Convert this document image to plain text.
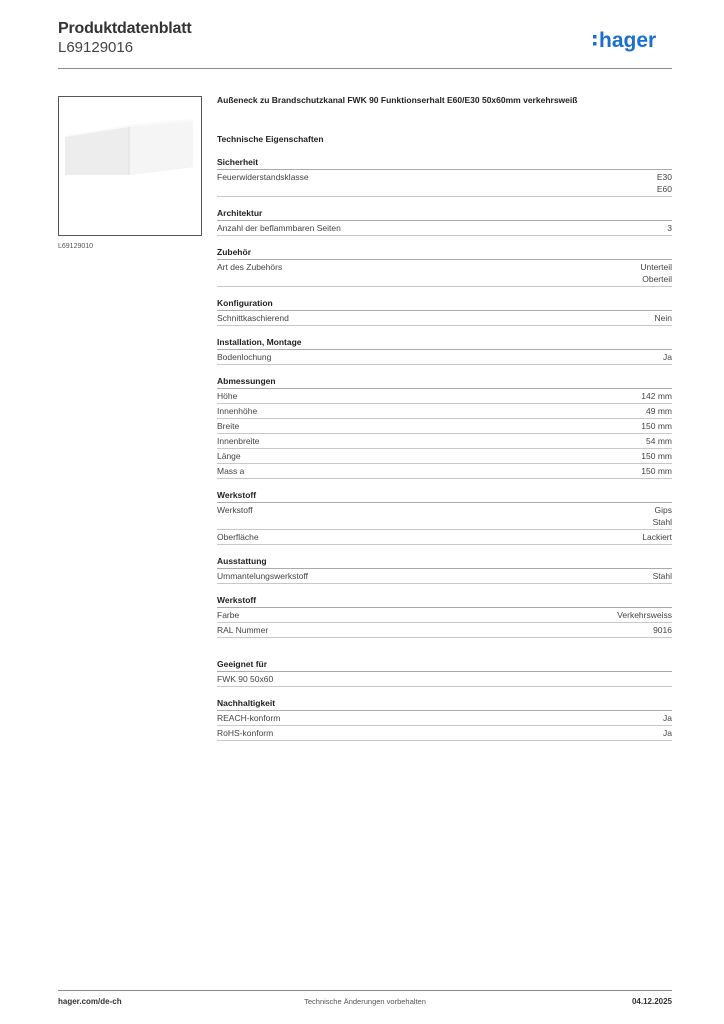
Produktdatenblatt
L69129016	hager
L69129010
Außeneck zu Brandschutzkanal FWK 90 Funktionserhalt E60/E30 50x60mm verkehrsweiß
Technische Eigenschaften
Sicherheit
Feuerwiderstandsklasse	E30
E60
Architektur
Anzahl der beflammbaren Seiten	3
Zubehör
Art des Zubehörs	Unterteil
Oberteil
Konfiguration
Schnittkaschierend	Nein
Installation, Montage
Bodenlochung	Ja
Abmessungen
Höhe	142 mm
Innenhöhe	49 mm
Breite	150 mm
Innenbreite	54 mm
Länge	150 mm
Mass a	150 mm
Werkstoff
Werkstoff	Gips
Stahl
Oberfläche	Lackiert
Ausstattung
Ummantelungswerkstoff	Stahl
Werkstoff
Farbe	Verkehrsweiss
RAL Nummer	9016
Geeignet für
FWK 90 50x60
Nachhaltigkeit
REACH-konform	Ja
RoHS-konform	Ja
hager.com/de-ch	Technische Änderungen vorbehalten	04.12.2025
